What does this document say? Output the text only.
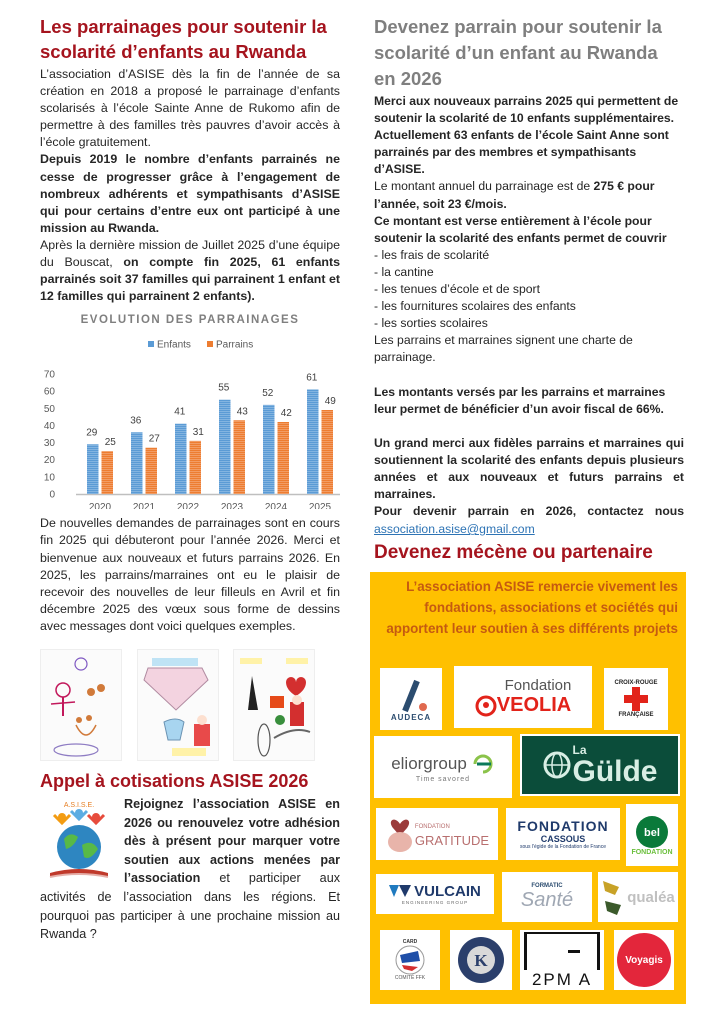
Les parrainages pour soutenir la scolarité d’enfants au Rwanda

L’association d’ASISE dès la fin de l’année de sa création en 2018 a proposé le parrainage d’enfants scolarisés à l’école Sainte Anne de Rukomo afin de permettre à des familles très pauvres d’avoir accès à l’école gratuitement.

Depuis 2019 le nombre d’enfants parrainés ne cesse de progresser grâce à l’engagement de nombreux adhérents et sympathisants d’ASISE qui pour certains d’entre eux ont participé à une mission au Rwanda.

Après la dernière mission de Juillet 2025 d’une équipe du Bouscat, on compte fin 2025, 61 enfants parrainés soit 37 familles qui parrainent 1 enfant et 12 familles qui parrainent 2 enfants).

EVOLUTION DES PARRAINAGES
Enfants	Parrains
0
10
20
30
40
50
60
70
29
25
2020
36
27
2021
41
31
2022
55
43
2023
52
42
2024
61
49
2025

De nouvelles demandes de parrainages sont en cours fin 2025 qui débuteront pour l’année 2026. Merci et bienvenue aux nouveaux et futurs parrains 2026. En 2025, les parrains/marraines ont eu le plaisir de recevoir des nouvelles de leur filleuls en Avril et fin décembre 2025 des vœux sous forme de dessins avec messages dont voici quelques exemples.

Appel à cotisations ASISE 2026
A.S.I.S.E.	Rejoignez l’association ASISE en 2026 ou renouvelez votre adhésion dès à présent pour marquer votre soutien aux actions menées par l’association et participer aux activités de l’association dans les régions. Et pourquoi pas participer à une prochaine mission au Rwanda ?

Devenez parrain pour soutenir la scolarité d’un enfant au Rwanda en 2026

Merci aux nouveaux parrains 2025 qui permettent de soutenir la scolarité de 10 enfants supplémentaires. Actuellement 63 enfants de l’école Saint Anne sont parrainés par des membres et sympathisants d’ASISE.

Le montant annuel du parrainage est de 275 € pour l’année, soit 23 €/mois.

Ce montant est verse entièrement à l’école pour soutenir la scolarité des enfants permet de couvrir

- les frais de scolarité
- la cantine
- les tenues d’école et de sport
- les fournitures scolaires des enfants
- les sorties scolaires

Les parrains et marraines signent une charte de parrainage.

Les montants versés par les parrains et marraines leur permet de bénéficier d’un avoir fiscal de 66%.

Un grand merci aux fidèles parrains et marraines qui soutiennent la scolarité des enfants depuis plusieurs années et aux nouveaux et futurs parrains et marraines.

Pour devenir parrain en 2026, contactez nous

association.asise@gmail.com
Devenez mécène ou partenaire

L’association ASISE remercie vivement les fondations, associations et sociétés qui apportent leur soutien à ses différents projets

AUDECA
Fondation
VEOLIA
CROIX-ROUGE
FRANÇAISE
eliorgroup
Time savored
La
Gülde
FONDATION
GRATITUDE
FONDATION
CASSOUS
sous l'égide de la Fondation de France
bel
FONDATION
VULCAIN
ENGINEERING GROUP
FORMATIC
Santé	qualéa
CARD
COMITÉ FFK
K
2PM A
Voyagis
